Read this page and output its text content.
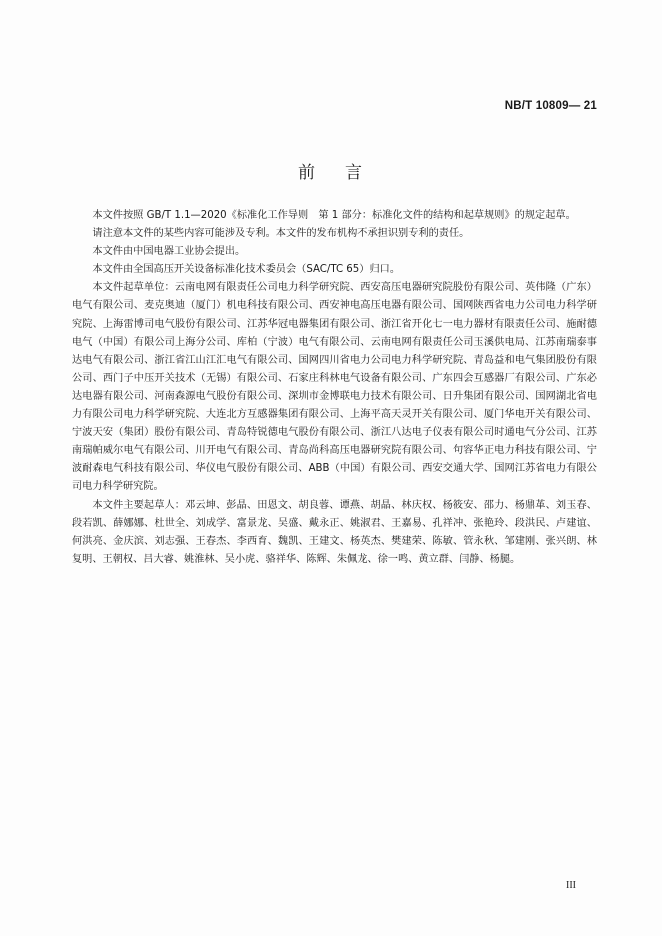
NB/T 10809— 21
前 言

本文件按照 GB/T 1.1—2020《标准化工作导则　第 1 部分：标准化文件的结构和起草规则》的规定起草。

请注意本文件的某些内容可能涉及专利。本文件的发布机构不承担识别专利的责任。

本文件由中国电器工业协会提出。

本文件由全国高压开关设备标准化技术委员会（SAC/TC 65）归口。

本文件起草单位：云南电网有限责任公司电力科学研究院、西安高压电器研究院股份有限公司、英伟隆（广东）电气有限公司、麦克奥迪（厦门）机电科技有限公司、西安神电高压电器有限公司、国网陕西省电力公司电力科学研究院、上海雷博司电气股份有限公司、江苏华冠电器集团有限公司、浙江省开化七一电力器材有限责任公司、施耐德电气（中国）有限公司上海分公司、库柏（宁波）电气有限公司、云南电网有限责任公司玉溪供电局、江苏南瑞泰事达电气有限公司、浙江省江山江汇电气有限公司、国网四川省电力公司电力科学研究院、青岛益和电气集团股份有限公司、西门子中压开关技术（无锡）有限公司、石家庄科林电气设备有限公司、广东四会互感器厂有限公司、广东必达电器有限公司、河南森源电气股份有限公司、深圳市金博联电力技术有限公司、日升集团有限公司、国网湖北省电力有限公司电力科学研究院、大连北方互感器集团有限公司、上海平高天灵开关有限公司、厦门华电开关有限公司、宁波天安（集团）股份有限公司、青岛特锐德电气股份有限公司、浙江八达电子仪表有限公司时通电气分公司、江苏南瑞帕威尔电气有限公司、川开电气有限公司、青岛尚科高压电器研究院有限公司、句容华正电力科技有限公司、宁波耐森电气科技有限公司、华仪电气股份有限公司、ABB（中国）有限公司、西安交通大学、国网江苏省电力有限公司电力科学研究院。

本文件主要起草人：邓云坤、彭晶、田恩文、胡良蓉、谭燕、胡晶、林庆权、杨筱安、邵力、杨鼎革、刘玉春、段若凯、薛娜娜、杜世全、刘成学、富景龙、吴盛、戴永正、姚淑君、王嘉易、孔祥冲、张艳玲、段洪民、卢建谊、何洪亮、金庆滨、刘志强、王春杰、李西育、魏凯、王建文、杨英杰、樊建荣、陈敏、管永秋、邹建刚、张兴朗、林复明、王朝权、吕大睿、姚淮林、吴小虎、骆祥华、陈辉、朱佩龙、徐一鸣、黄立群、闫静、杨腿。

III
